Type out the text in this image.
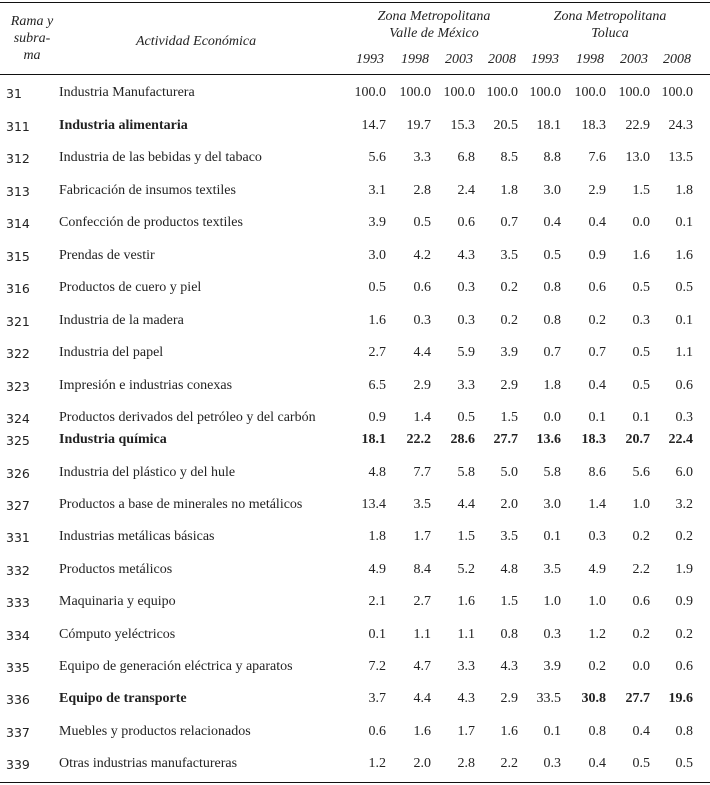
Rama y
subra-
ma
Actividad Económica
Zona Metropolitana
Valle de México
Zona Metropolitana
Toluca
1993	1998	2003	2008	1993	1998	2003	2008
31	Industria Manufacturera	100.0 100.0 100.0 100.0 100.0 100.0 100.0 100.0
311 Industria alimentaria	14.7	19.7	15.3	20.5	18.1	18.3	22.9	24.3
312 Industria de las bebidas y del tabaco	5.6	3.3	6.8	8.5	8.8	7.6	13.0	13.5
313 Fabricación de insumos textiles	3.1	2.8	2.4	1.8	3.0	2.9	1.5	1.8
314 Confección de productos textiles	3.9	0.5	0.6	0.7	0.4	0.4	0.0	0.1
315 Prendas de vestir	3.0	4.2	4.3	3.5	0.5	0.9	1.6	1.6
316 Productos de cuero y piel	0.5	0.6	0.3	0.2	0.8	0.6	0.5	0.5
321 Industria de la madera	1.6	0.3	0.3	0.2	0.8	0.2	0.3	0.1
322 Industria del papel	2.7	4.4	5.9	3.9	0.7	0.7	0.5	1.1
323 Impresión e industrias conexas	6.5	2.9	3.3	2.9	1.8	0.4	0.5	0.6
324 Productos derivados del petróleo y del carbón	0.9	1.4	0.5	1.5	0.0	0.1	0.1	0.3
325 Industria química	18.1	22.2	28.6	27.7	13.6	18.3	20.7	22.4
326 Industria del plástico y del hule	4.8	7.7	5.8	5.0	5.8	8.6	5.6	6.0
327 Productos a base de minerales no metálicos	13.4	3.5	4.4	2.0	3.0	1.4	1.0	3.2
331 Industrias metálicas básicas	1.8	1.7	1.5	3.5	0.1	0.3	0.2	0.2
332 Productos metálicos	4.9	8.4	5.2	4.8	3.5	4.9	2.2	1.9
333 Maquinaria y equipo	2.1	2.7	1.6	1.5	1.0	1.0	0.6	0.9
334 Cómputo yeléctricos	0.1	1.1	1.1	0.8	0.3	1.2	0.2	0.2
335 Equipo de generación eléctrica y aparatos	7.2	4.7	3.3	4.3	3.9	0.2	0.0	0.6
336 Equipo de transporte	3.7	4.4	4.3	2.9	33.5	30.8	27.7	19.6
337 Muebles y productos relacionados	0.6	1.6	1.7	1.6	0.1	0.8	0.4	0.8
339 Otras industrias manufactureras	1.2	2.0	2.8	2.2	0.3	0.4	0.5	0.5
